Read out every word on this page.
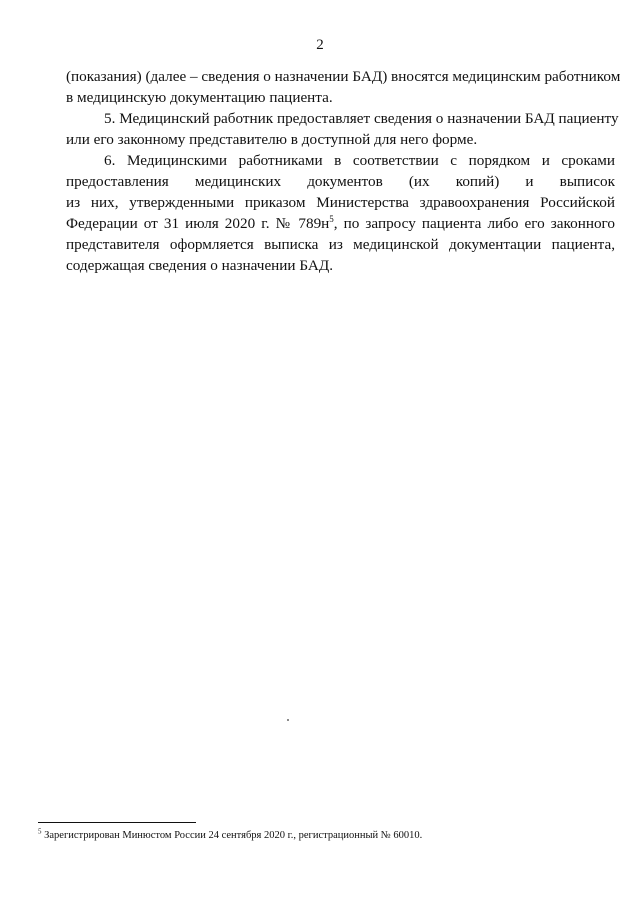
2
(показания) (далее – сведения о назначении БАД) вносятся медицинским работником
в медицинскую документацию пациента.
5. Медицинский работник предоставляет сведения о назначении БАД пациенту
или его законному представителю в доступной для него форме.
6. Медицинскими работниками в соответствии с порядком и сроками
предоставления медицинских документов (их копий) и выписок
из них, утвержденными приказом Министерства здравоохранения Российской
Федерации от 31 июля 2020 г. № $789н^5$, по запросу пациента либо его законного
представителя оформляется выписка из медицинской документации пациента,
содержащая сведения о назначении БАД.
$^5$ Зарегистрирован Минюстом России 24 сентября 2020 г., регистрационный № 60010.
